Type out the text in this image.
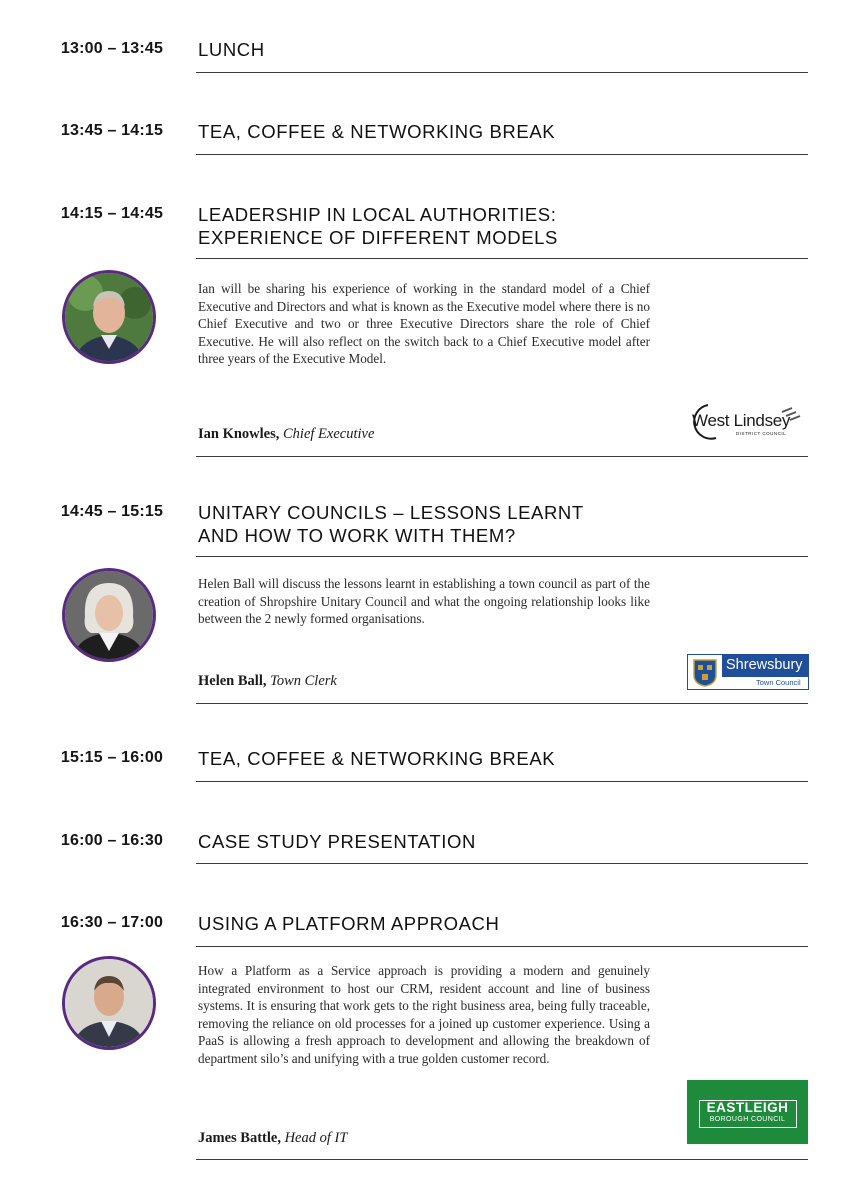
13:00 – 13:45	LUNCH
13:45 – 14:15	TEA, COFFEE & NETWORKING BREAK
14:15 – 14:45	LEADERSHIP IN LOCAL AUTHORITIES:
EXPERIENCE OF DIFFERENT MODELS
Ian will be sharing his experience of working in the standard model of a Chief Executive and Directors and what is known as the Executive model where there is no Chief Executive and two or three Executive Directors share the role of Chief Executive. He will also reflect on the switch back to a Chief Executive model after three years of the Executive Model.
Ian Knowles, Chief Executive
West Lindsey
DISTRICT COUNCIL
14:45 – 15:15	UNITARY COUNCILS – LESSONS LEARNT
AND HOW TO WORK WITH THEM?
Helen Ball will discuss the lessons learnt in establishing a town council as part of the creation of Shropshire Unitary Council and what the ongoing relationship looks like between the 2 newly formed organisations.
Helen Ball, Town Clerk
Shrewsbury
Town Council
15:15 – 16:00	TEA, COFFEE & NETWORKING BREAK
16:00 – 16:30	CASE STUDY PRESENTATION
16:30 – 17:00	USING A PLATFORM APPROACH
How a Platform as a Service approach is providing a modern and genuinely integrated environment to host our CRM, resident account and line of business systems. It is ensuring that work gets to the right business area, being fully traceable, removing the reliance on old processes for a joined up customer experience. Using a PaaS is allowing a fresh approach to development and allowing the breakdown of department silo’s and unifying with a true golden customer record.
James Battle, Head of IT
EASTLEIGH
BOROUGH COUNCIL
